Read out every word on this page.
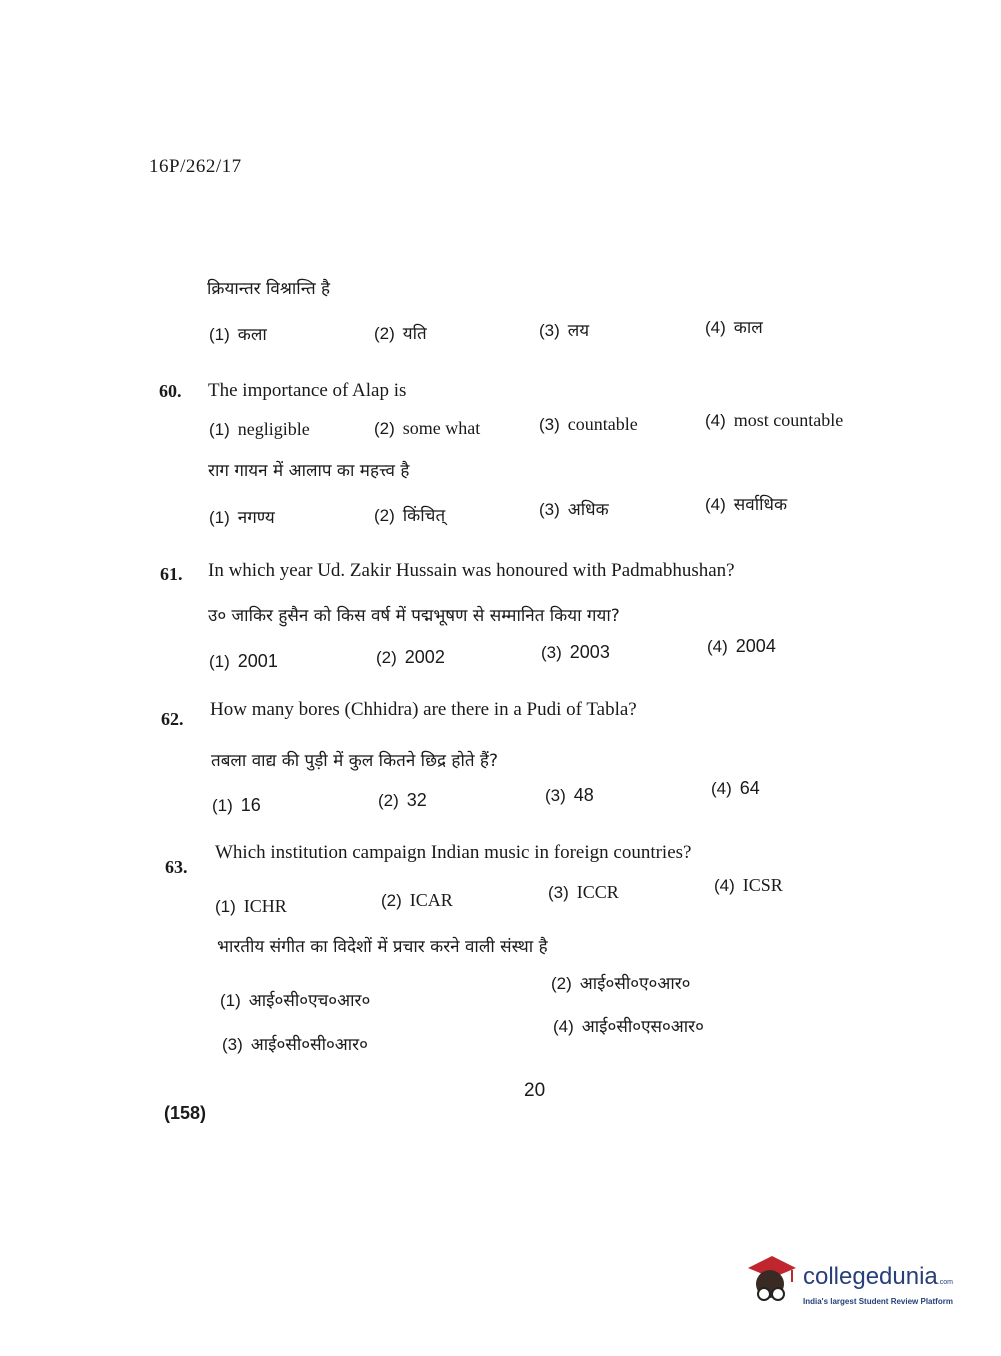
16P/262/17
क्रियान्तर विश्रान्ति है
(1) कला	(2) यति	(3) लय	(4) काल
60. The importance of Alap is
(1) negligible	(2) some what	(3) countable	(4) most countable
राग गायन में आलाप का महत्त्व है
(1) नगण्य	(2) किंचित्	(3) अधिक	(4) सर्वाधिक
61. In which year Ud. Zakir Hussain was honoured with Padmabhushan?
उ० जाकिर हुसैन को किस वर्ष में पद्मभूषण से सम्मानित किया गया?
(1) 2001	(2) 2002	(3) 2003	(4) 2004
62. How many bores (Chhidra) are there in a Pudi of Tabla?
तबला वाद्य की पुड़ी में कुल कितने छिद्र होते हैं?
(1) 16	(2) 32	(3) 48	(4) 64
63.
Which institution campaign Indian music in foreign countries?
(1) ICHR	(2) ICAR	(3) ICCR	(4) ICSR
भारतीय संगीत का विदेशों में प्रचार करने वाली संस्था है
(1) आई०सी०एच०आर०
(2) आई०सी०ए०आर०
(3) आई०सी०सी०आर०
(4) आई०सी०एस०आर०
20
(158)
collegedunia.com
India's largest Student Review Platform
